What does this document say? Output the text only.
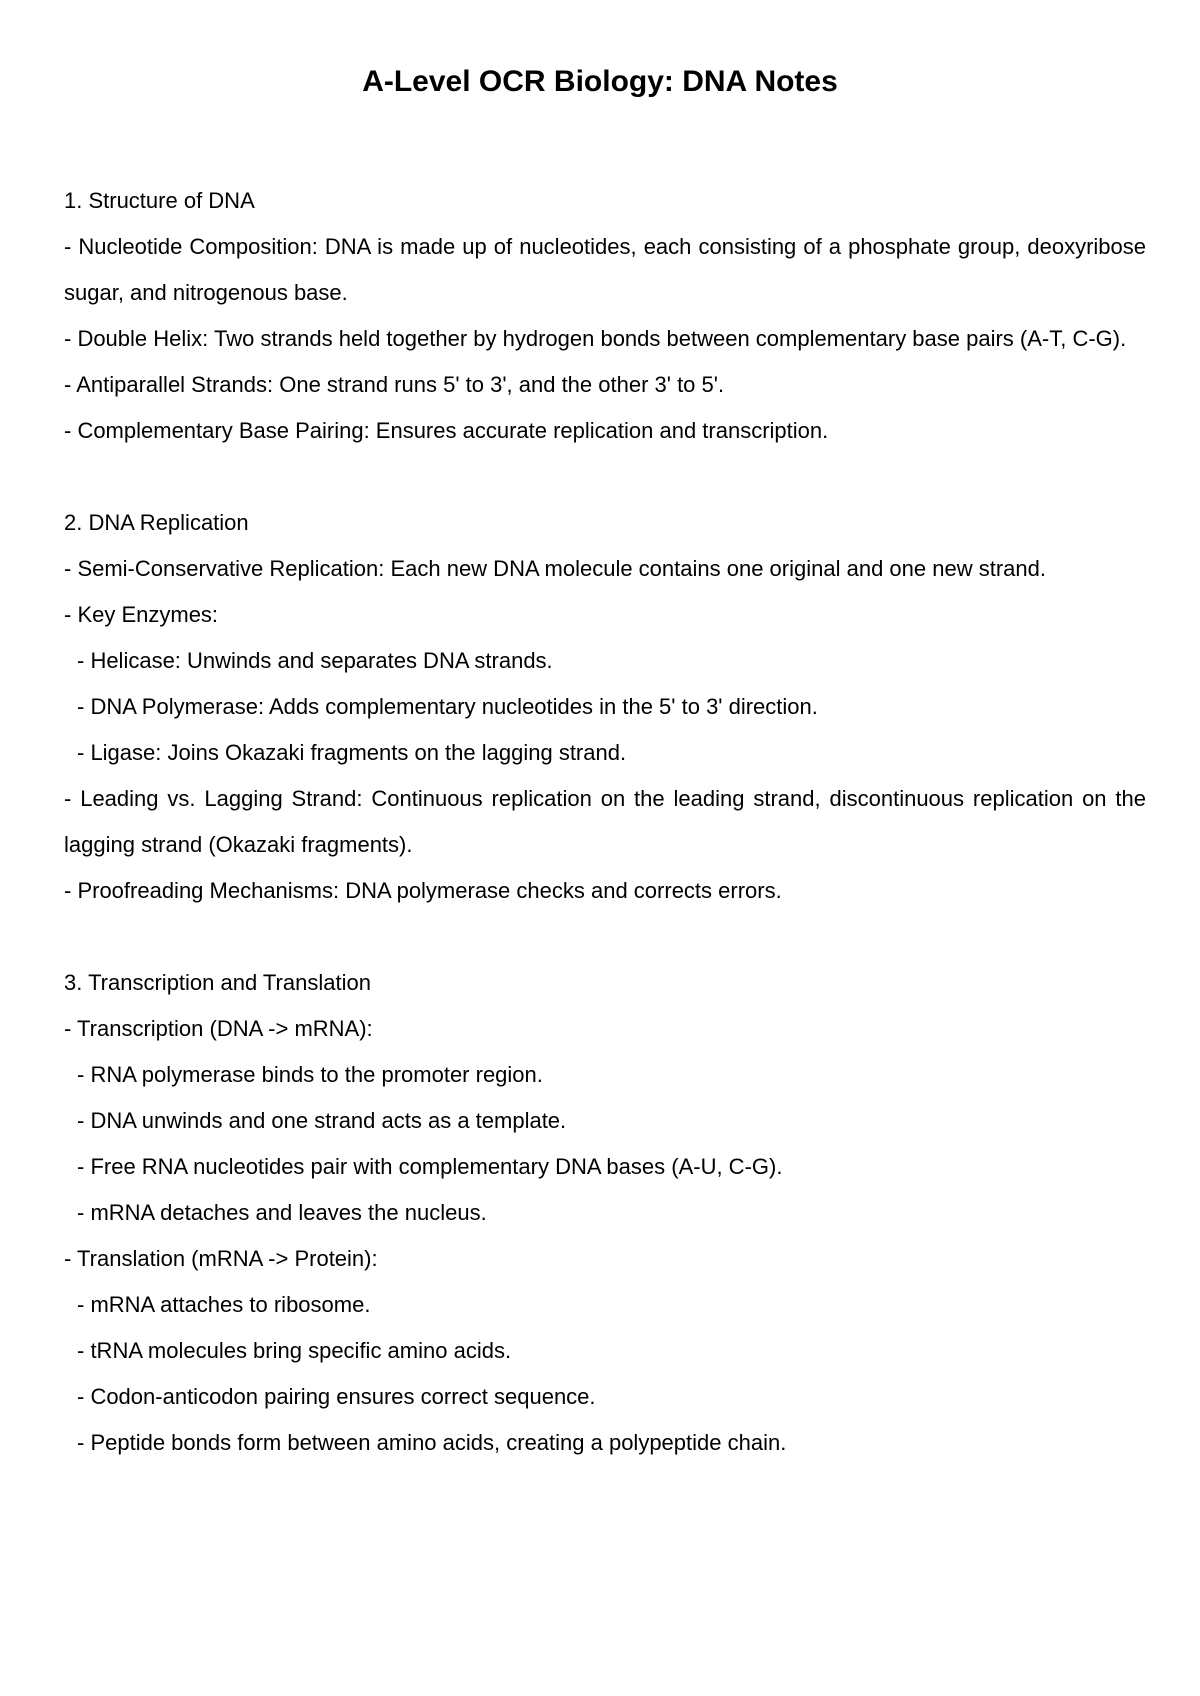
A-Level OCR Biology: DNA Notes

1. Structure of DNA

- Nucleotide Composition: DNA is made up of nucleotides, each consisting of a phosphate group, deoxyribose sugar, and nitrogenous base.

- Double Helix: Two strands held together by hydrogen bonds between complementary base pairs (A-T, C-G).

- Antiparallel Strands: One strand runs 5' to 3', and the other 3' to 5'.

- Complementary Base Pairing: Ensures accurate replication and transcription.

2. DNA Replication

- Semi-Conservative Replication: Each new DNA molecule contains one original and one new strand.

- Key Enzymes:

- Helicase: Unwinds and separates DNA strands.

- DNA Polymerase: Adds complementary nucleotides in the 5' to 3' direction.

- Ligase: Joins Okazaki fragments on the lagging strand.

- Leading vs. Lagging Strand: Continuous replication on the leading strand, discontinuous replication on the lagging strand (Okazaki fragments).

- Proofreading Mechanisms: DNA polymerase checks and corrects errors.

3. Transcription and Translation

- Transcription (DNA -> mRNA):

- RNA polymerase binds to the promoter region.

- DNA unwinds and one strand acts as a template.

- Free RNA nucleotides pair with complementary DNA bases (A-U, C-G).

- mRNA detaches and leaves the nucleus.

- Translation (mRNA -> Protein):

- mRNA attaches to ribosome.

- tRNA molecules bring specific amino acids.

- Codon-anticodon pairing ensures correct sequence.

- Peptide bonds form between amino acids, creating a polypeptide chain.
